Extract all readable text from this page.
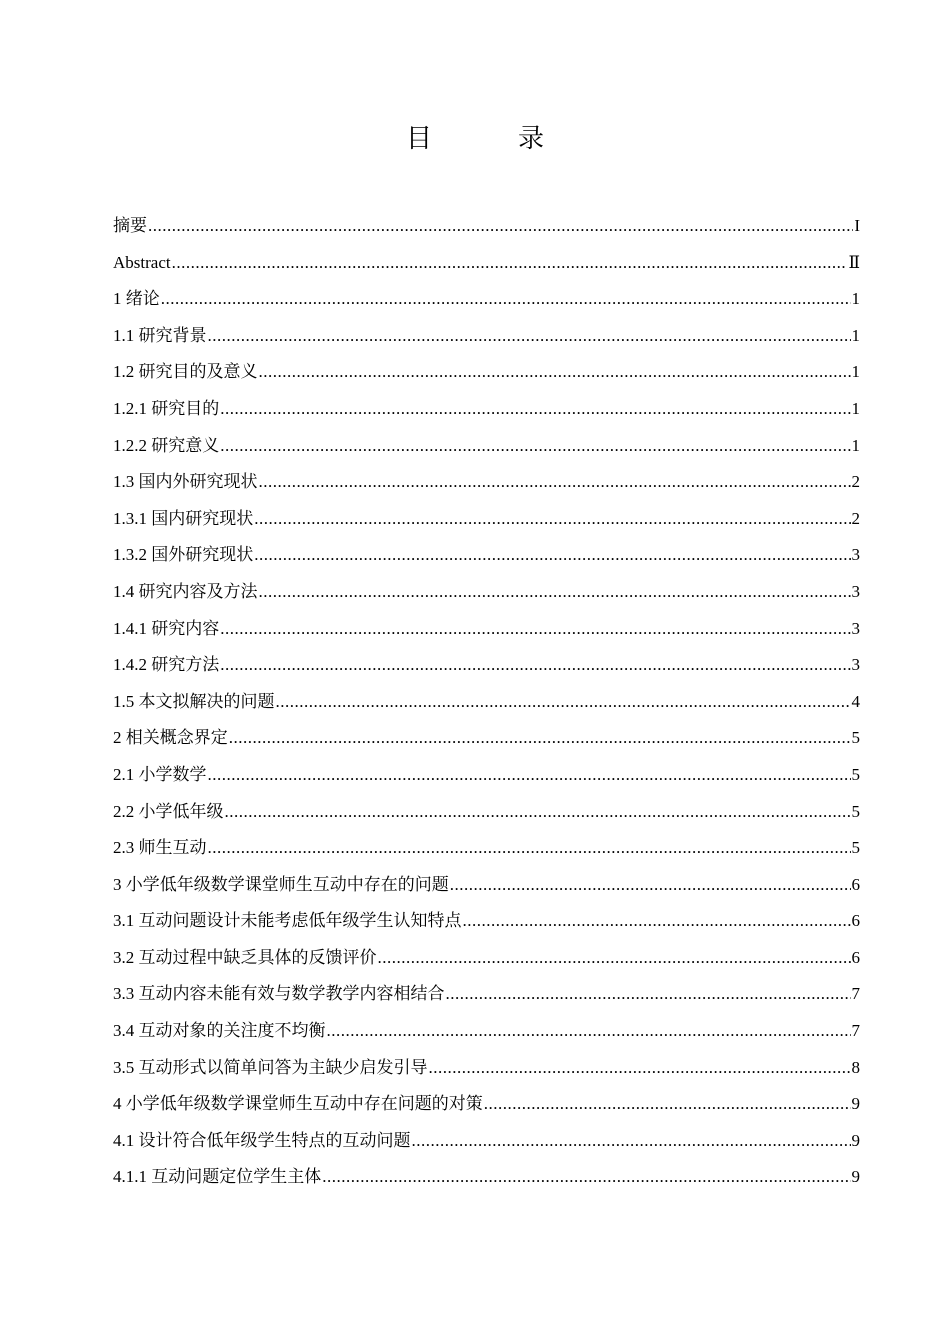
目　录
摘要 .....	I
Abstract .....	Ⅱ
1 绪论 .....	1
1.1 研究背景 .....	1
1.2 研究目的及意义 .....	1
1.2.1 研究目的 .....	1
1.2.2 研究意义 .....	1
1.3 国内外研究现状 .....	2
1.3.1 国内研究现状 .....	2
1.3.2 国外研究现状 .....	3
1.4 研究内容及方法 .....	3
1.4.1 研究内容 .....	3
1.4.2 研究方法 .....	3
1.5 本文拟解决的问题 .....	4
2 相关概念界定 .....	5
2.1 小学数学 .....	5
2.2 小学低年级 .....	5
2.3 师生互动 .....	5
3 小学低年级数学课堂师生互动中存在的问题 .....	6
3.1 互动问题设计未能考虑低年级学生认知特点 .....	6
3.2 互动过程中缺乏具体的反馈评价 .....	6
3.3 互动内容未能有效与数学教学内容相结合 .....	7
3.4 互动对象的关注度不均衡 .....	7
3.5 互动形式以简单问答为主缺少启发引导 .....	8
4 小学低年级数学课堂师生互动中存在问题的对策 .....	9
4.1 设计符合低年级学生特点的互动问题 .....	9
4.1.1 互动问题定位学生主体 .....	9
